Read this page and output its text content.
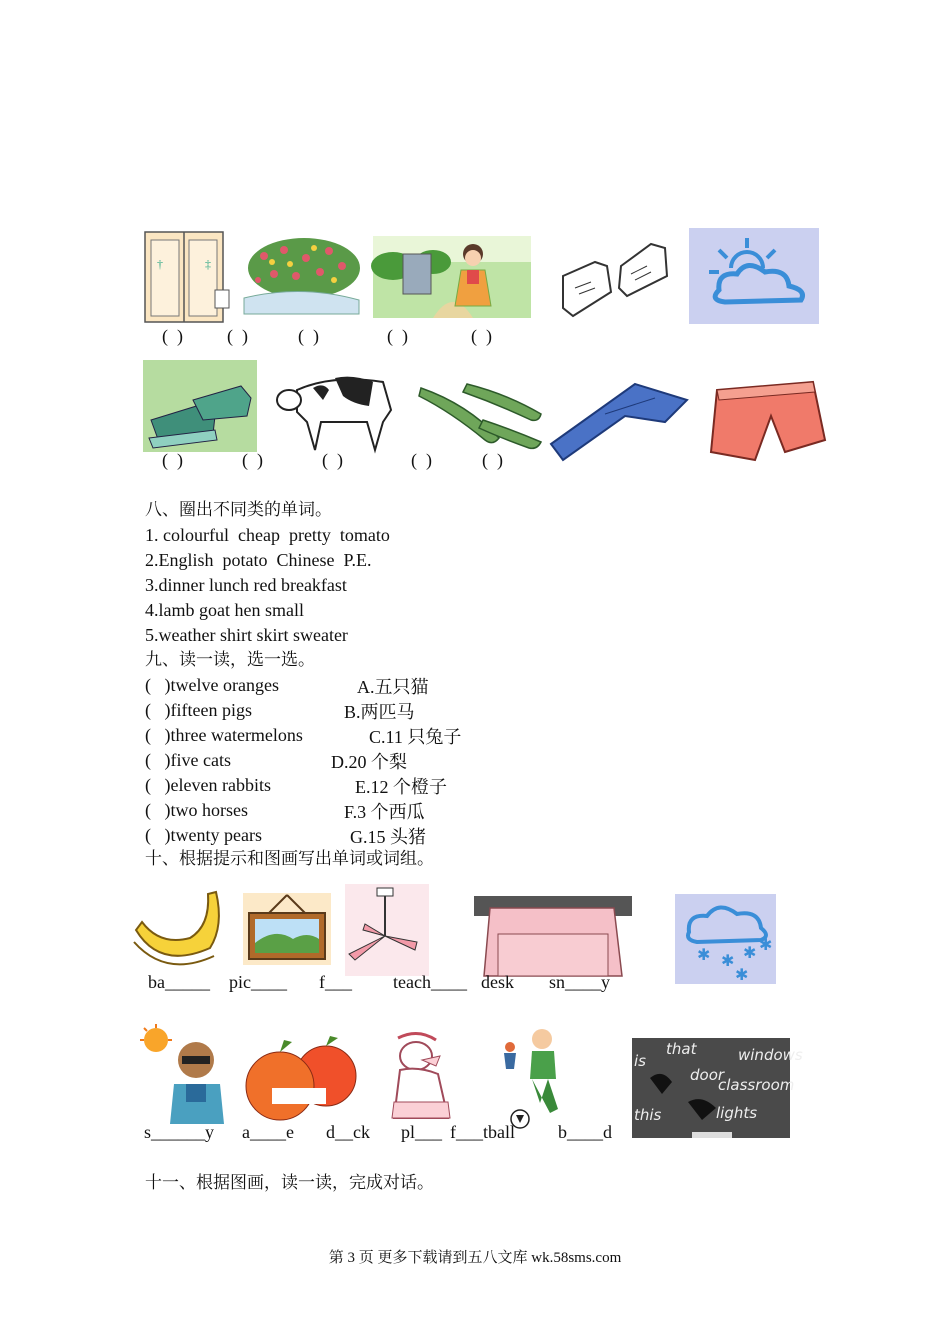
†	‡
(  ) (  )	(  )	(  )	(  )
(  )	(  )	(  )	(  )	(  )
八、圈出不同类的单词。
1. colourful  cheap  pretty  tomato
2.English  potato  Chinese  P.E.
3.dinner lunch red breakfast
4.lamb goat hen small
5.weather shirt skirt sweater
九、读一读，选一选。
(   )twelve oranges	A.五只猫
(   )fifteen pigs	B.两匹马
(   )three watermelons	C.11 只兔子
(   )five cats	D.20 个梨
(   )eleven rabbits	E.12 个橙子
(   )two horses	F.3 个西瓜
(   )twenty pears	G.15 头猪
十、根据提示和图画写出单词或词组。
✱ ✱ ✱
✱
✱
ba_____ pic____ f___ teach____ desk sn____y
is
that	windows
door
classroom
this	lights
s______y a____e d__ck pl___ f___tball b____d
十一、根据图画，读一读，完成对话。
第 3 页 更多下载请到五八文库 wk.58sms.com
